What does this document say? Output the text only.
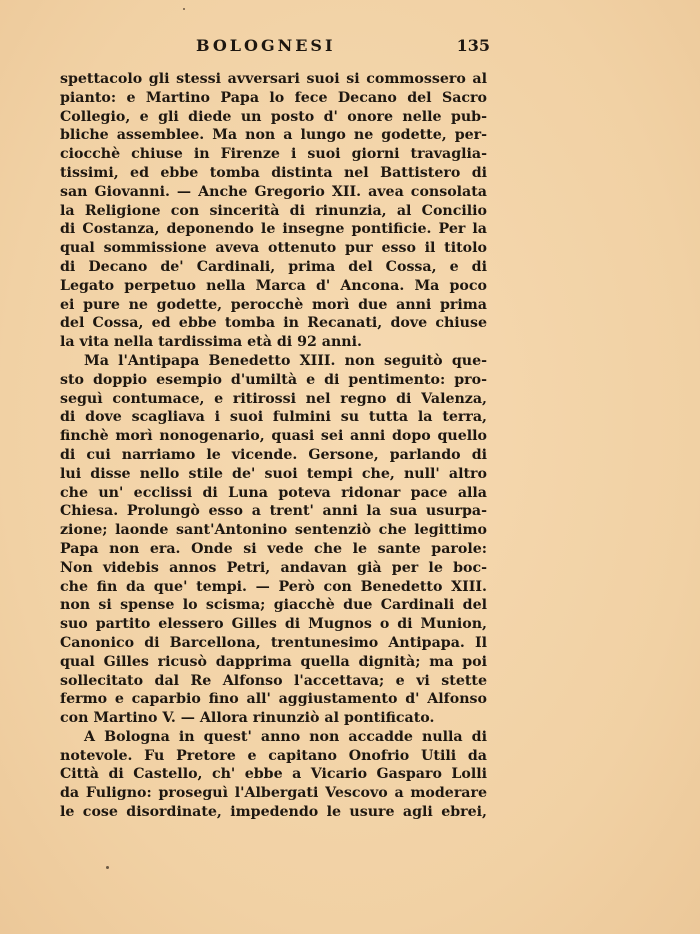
BOLOGNESI	135
spettacolo gli stessi avversari suoi si commossero al
pianto: e Martino Papa lo fece Decano del Sacro
Collegio, e gli diede un posto d' onore nelle pub-
bliche assemblee. Ma non a lungo ne godette, per-
ciocchè chiuse in Firenze i suoi giorni travaglia-
tissimi, ed ebbe tomba distinta nel Battistero di
san Giovanni. — Anche Gregorio XII. avea consolata
la Religione con sincerità di rinunzia, al Concilio
di Costanza, deponendo le insegne pontificie. Per la
qual sommissione aveva ottenuto pur esso il titolo
di Decano de' Cardinali, prima del Cossa, e di
Legato perpetuo nella Marca d' Ancona. Ma poco
ei pure ne godette, perocchè morì due anni prima
del Cossa, ed ebbe tomba in Recanati, dove chiuse
la vita nella tardissima età di 92 anni.
Ma l'Antipapa Benedetto XIII. non seguitò que-
sto doppio esempio d'umiltà e di pentimento: pro-
seguì contumace, e ritirossi nel regno di Valenza,
di dove scagliava i suoi fulmini su tutta la terra,
finchè morì nonogenario, quasi sei anni dopo quello
di cui narriamo le vicende. Gersone, parlando di
lui disse nello stile de' suoi tempi che, null' altro
che un' ecclissi di Luna poteva ridonar pace alla
Chiesa. Prolungò esso a trent' anni la sua usurpa-
zione; laonde sant'Antonino sentenziò che legittimo
Papa non era. Onde si vede che le sante parole:
Non videbis annos Petri, andavan già per le boc-
che fin da que' tempi. — Però con Benedetto XIII.
non si spense lo scisma; giacchè due Cardinali del
suo partito elessero Gilles di Mugnos o di Munion,
Canonico di Barcellona, trentunesimo Antipapa. Il
qual Gilles ricusò dapprima quella dignità; ma poi
sollecitato dal Re Alfonso l'accettava; e vi stette
fermo e caparbio fino all' aggiustamento d' Alfonso
con Martino V. — Allora rinunziò al pontificato.
A Bologna in quest' anno non accadde nulla di
notevole. Fu Pretore e capitano Onofrio Utili da
Città di Castello, ch' ebbe a Vicario Gasparo Lolli
da Fuligno: proseguì l'Albergati Vescovo a moderare
le cose disordinate, impedendo le usure agli ebrei,
